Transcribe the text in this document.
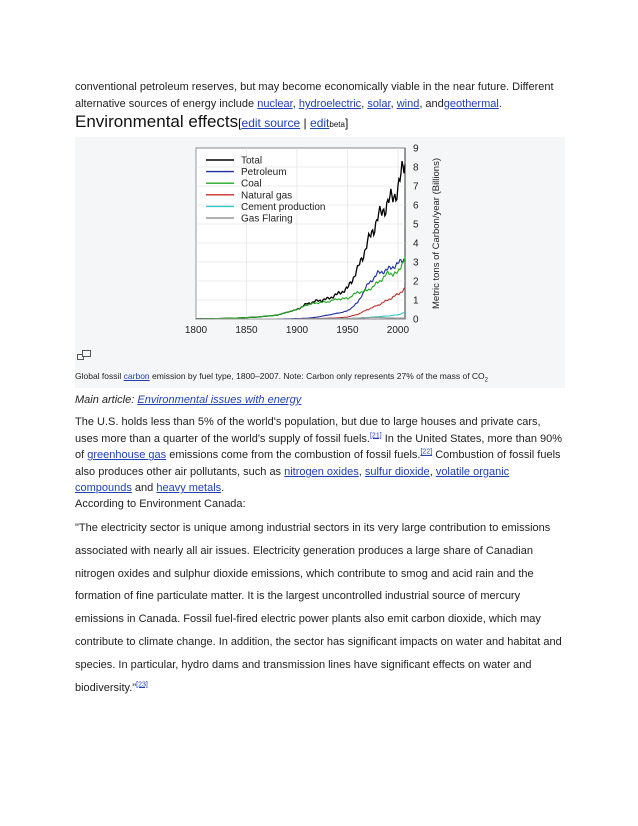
conventional petroleum reserves, but may become economically viable in the near future. Different alternative sources of energy include nuclear, hydroelectric, solar, wind, andgeothermal.

Environmental effects[edit source | editbeta]
1800	1850	1900	1950	2000
0
1
2
3
4
5
6
7
8
9
Metric tons of Carbon/year (Billions)
Total
Petroleum
Coal
Natural gas
Cement production
Gas Flaring

Global fossil carbon emission by fuel type, 1800–2007. Note: Carbon only represents 27% of the mass of $CO_2$

Main article: Environmental issues with energy

The U.S. holds less than 5% of the world's population, but due to large houses and private cars, uses more than a quarter of the world's supply of fossil fuels.[21] In the United States, more than 90% of greenhouse gas emissions come from the combustion of fossil fuels.[22] Combustion of fossil fuels also produces other air pollutants, such as nitrogen oxides, sulfur dioxide, volatile organic compounds and heavy metals.

According to Environment Canada:

"The electricity sector is unique among industrial sectors in its very large contribution to emissions associated with nearly all air issues. Electricity generation produces a large share of Canadian nitrogen oxides and sulphur dioxide emissions, which contribute to smog and acid rain and the formation of fine particulate matter. It is the largest uncontrolled industrial source of mercury emissions in Canada. Fossil fuel-fired electric power plants also emit carbon dioxide, which may contribute to climate change. In addition, the sector has significant impacts on water and habitat and species. In particular, hydro dams and transmission lines have significant effects on water and biodiversity."[23]
